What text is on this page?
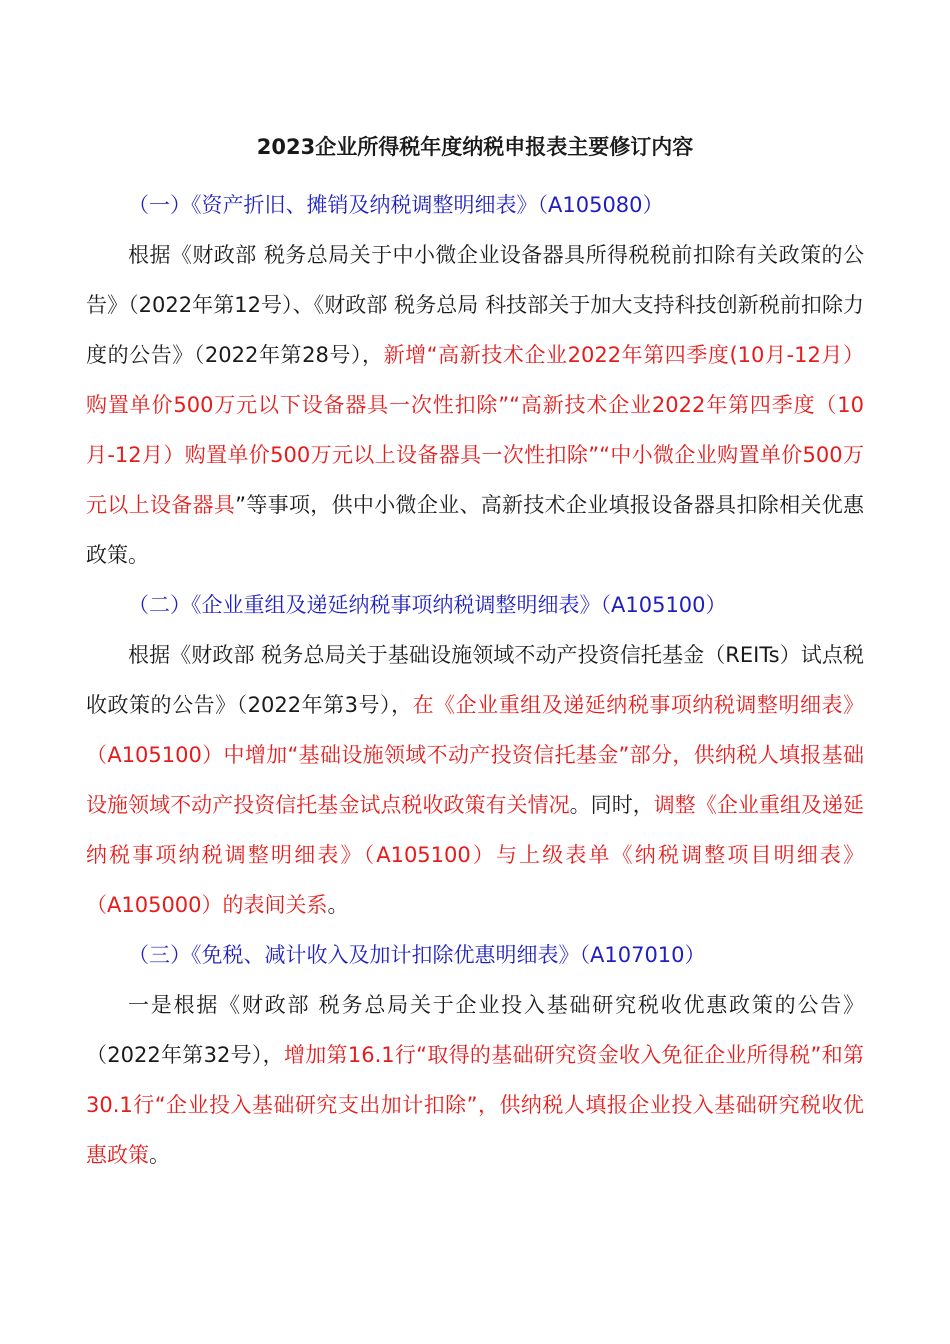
2023企业所得税年度纳税申报表主要修订内容

（一）《资产折旧、摊销及纳税调整明细表》（A105080）

根据《财政部 税务总局关于中小微企业设备器具所得税税前扣除有关政策的公告》（2022年第12号）、《财政部 税务总局 科技部关于加大支持科技创新税前扣除力度的公告》（2022年第28号），新增“高新技术企业2022年第四季度(10月-12月）购置单价500万元以下设备器具一次性扣除”“高新技术企业2022年第四季度（10月-12月）购置单价500万元以上设备器具一次性扣除”“中小微企业购置单价500万元以上设备器具”等事项，供中小微企业、高新技术企业填报设备器具扣除相关优惠政策。

（二）《企业重组及递延纳税事项纳税调整明细表》（A105100）

根据《财政部 税务总局关于基础设施领域不动产投资信托基金（REITs）试点税收政策的公告》（2022年第3号），在《企业重组及递延纳税事项纳税调整明细表》（A105100）中增加“基础设施领域不动产投资信托基金”部分，供纳税人填报基础设施领域不动产投资信托基金试点税收政策有关情况。同时，调整《企业重组及递延纳税事项纳税调整明细表》（A105100）与上级表单《纳税调整项目明细表》（A105000）的表间关系。

（三）《免税、减计收入及加计扣除优惠明细表》（A107010）

一是根据《财政部 税务总局关于企业投入基础研究税收优惠政策的公告》（2022年第32号），增加第16.1行“取得的基础研究资金收入免征企业所得税”和第30.1行“企业投入基础研究支出加计扣除”，供纳税人填报企业投入基础研究税收优惠政策。
